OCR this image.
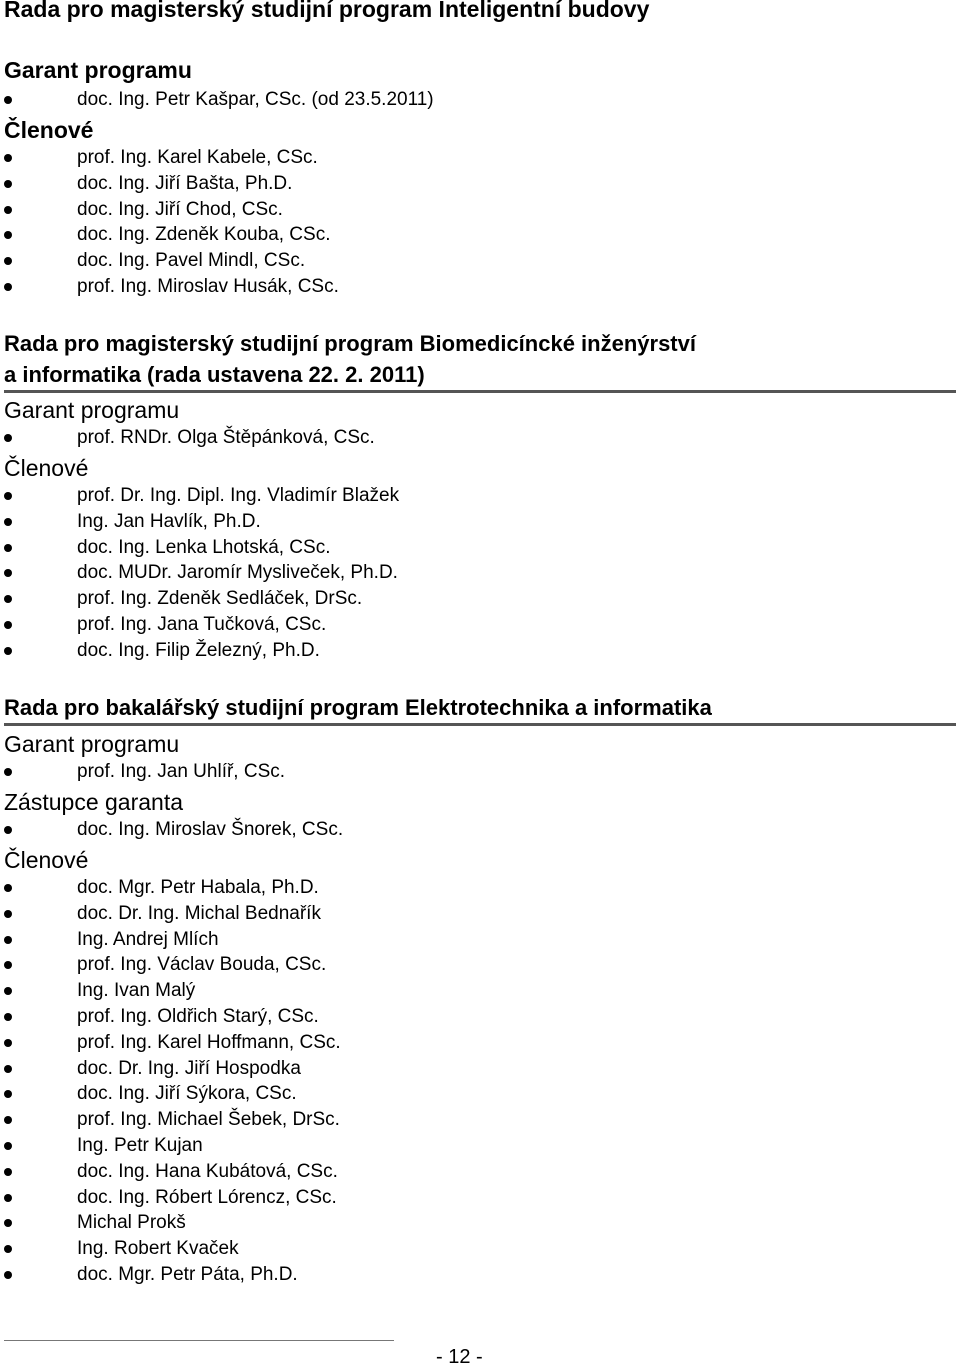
Rada pro magisterský studijní program Inteligentní budovy
Garant programu
doc. Ing. Petr Kašpar, CSc. (od 23.5.2011)
Členové
prof. Ing. Karel Kabele, CSc.
doc. Ing. Jiří Bašta, Ph.D.
doc. Ing. Jiří Chod, CSc.
doc. Ing. Zdeněk Kouba, CSc.
doc. Ing. Pavel Mindl, CSc.
prof. Ing. Miroslav Husák, CSc.
Rada pro magisterský studijní program Biomedicíncké inženýrství
a informatika (rada ustavena 22. 2. 2011)
Garant programu
prof. RNDr. Olga Štěpánková, CSc.
Členové
prof. Dr. Ing. Dipl. Ing. Vladimír Blažek
Ing. Jan Havlík, Ph.D.
doc. Ing. Lenka Lhotská, CSc.
doc. MUDr. Jaromír Mysliveček, Ph.D.
prof. Ing. Zdeněk Sedláček, DrSc.
prof. Ing. Jana Tučková, CSc.
doc. Ing. Filip Železný, Ph.D.
Rada pro bakalářský studijní program Elektrotechnika a informatika
Garant programu
prof. Ing. Jan Uhlíř, CSc.
Zástupce garanta
doc. Ing. Miroslav Šnorek, CSc.
Členové
doc. Mgr. Petr Habala, Ph.D.
doc. Dr. Ing. Michal Bednařík
Ing. Andrej Mlích
prof. Ing. Václav Bouda, CSc.
Ing. Ivan Malý
prof. Ing. Oldřich Starý, CSc.
prof. Ing. Karel Hoffmann, CSc.
doc. Dr. Ing. Jiří Hospodka
doc. Ing. Jiří Sýkora, CSc.
prof. Ing. Michael Šebek, DrSc.
Ing. Petr Kujan
doc. Ing. Hana Kubátová, CSc.
doc. Ing. Róbert Lórencz, CSc.
Michal Prokš
Ing. Robert Kvaček
doc. Mgr. Petr Páta, Ph.D.
- 12 -
